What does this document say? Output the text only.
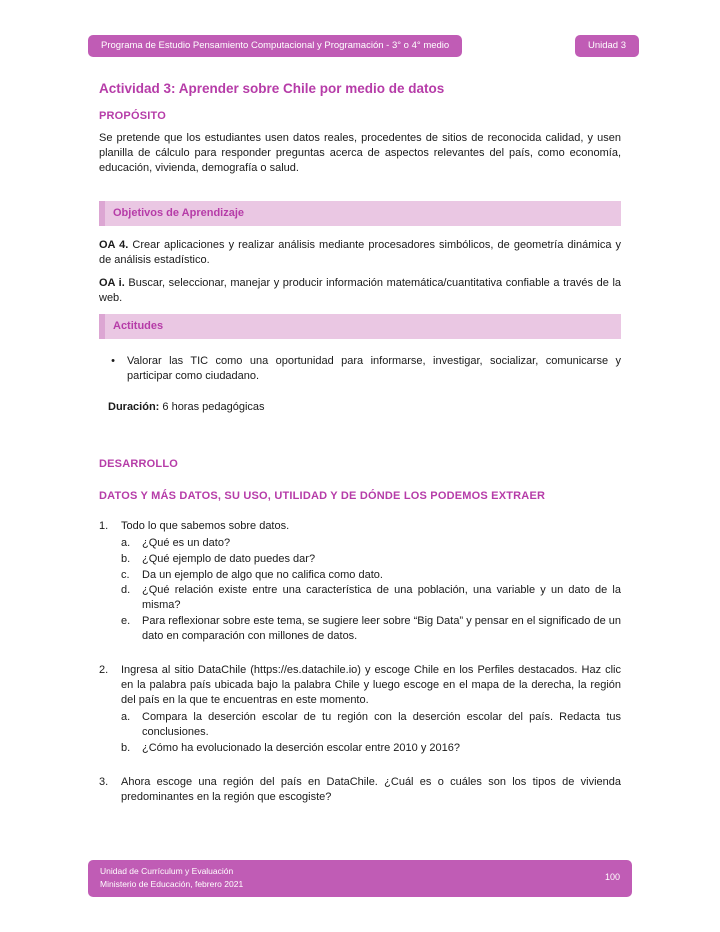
Programa de Estudio Pensamiento Computacional y Programación - 3° o 4° medio	Unidad 3
Actividad 3: Aprender sobre Chile por medio de datos
PROPÓSITO

Se pretende que los estudiantes usen datos reales, procedentes de sitios de reconocida calidad, y usen planilla de cálculo para responder preguntas acerca de aspectos relevantes del país, como economía, educación, vivienda, demografía o salud.

Objetivos de Aprendizaje

OA 4. Crear aplicaciones y realizar análisis mediante procesadores simbólicos, de geometría dinámica y de análisis estadístico.

OA i. Buscar, seleccionar, manejar y producir información matemática/cuantitativa confiable a través de la web.

Actitudes
•	Valorar las TIC como una oportunidad para informarse, investigar, socializar, comunicarse y participar como ciudadano.

Duración: 6 horas pedagógicas

DESARROLLO
DATOS Y MÁS DATOS, SU USO, UTILIDAD Y DE DÓNDE LOS PODEMOS EXTRAER
1.	Todo lo que sabemos sobre datos.

a.	¿Qué es un dato?

b.	¿Qué ejemplo de dato puedes dar?

c.	Da un ejemplo de algo que no califica como dato.

d.	¿Qué relación existe entre una característica de una población, una variable y un dato de la misma?

e.	Para reflexionar sobre este tema, se sugiere leer sobre “Big Data” y pensar en el significado de un dato en comparación con millones de datos.

2.	Ingresa al sitio DataChile (https://es.datachile.io) y escoge Chile en los Perfiles destacados. Haz clic en la palabra país ubicada bajo la palabra Chile y luego escoge en el mapa de la derecha, la región del país en la que te encuentras en este momento.

a.	Compara la deserción escolar de tu región con la deserción escolar del país. Redacta tus conclusiones.

b.	¿Cómo ha evolucionado la deserción escolar entre 2010 y 2016?

3.	Ahora escoge una región del país en DataChile. ¿Cuál es o cuáles son los tipos de vivienda predominantes en la región que escogiste?

Unidad de Currículum y Evaluación
Ministerio de Educación, febrero 2021
100
